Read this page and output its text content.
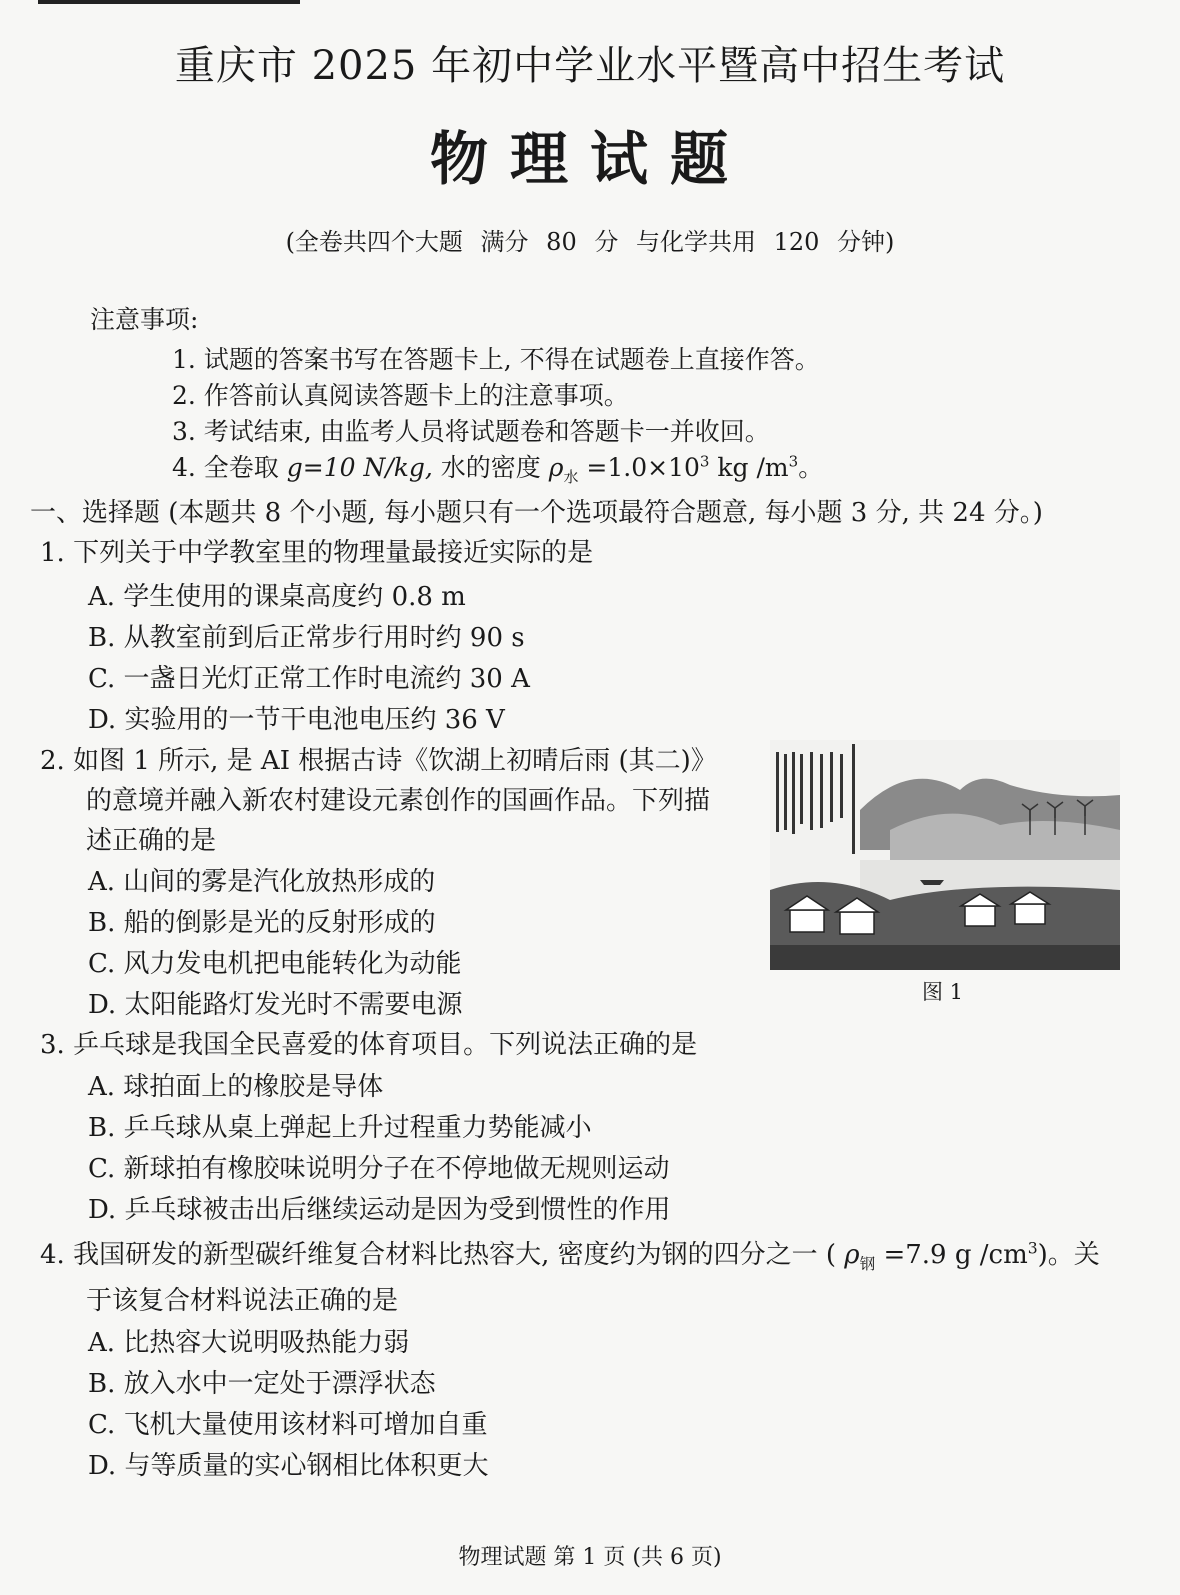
重庆市 2025 年初中学业水平暨高中招生考试
物理试题
(全卷共四个大题 满分 80 分 与化学共用 120 分钟)
注意事项:
1. 试题的答案书写在答题卡上, 不得在试题卷上直接作答。
2. 作答前认真阅读答题卡上的注意事项。
3. 考试结束, 由监考人员将试题卷和答题卡一并收回。
4. 全卷取 g=10 N/kg, 水的密度 $\rho_水 =1.0\times 10^3$ kg $/m^3$。
一、选择题 (本题共 8 个小题, 每小题只有一个选项最符合题意, 每小题 3 分, 共 24 分。)
1. 下列关于中学教室里的物理量最接近实际的是
A. 学生使用的课桌高度约 0.8 m
B. 从教室前到后正常步行用时约 90 s
C. 一盏日光灯正常工作时电流约 30 A
D. 实验用的一节干电池电压约 36 V
2. 如图 1 所示, 是 AI 根据古诗《饮湖上初晴后雨 (其二)》
的意境并融入新农村建设元素创作的国画作品。下列描
述正确的是
A. 山间的雾是汽化放热形成的
B. 船的倒影是光的反射形成的
C. 风力发电机把电能转化为动能
D. 太阳能路灯发光时不需要电源	图 1
3. 乒乓球是我国全民喜爱的体育项目。下列说法正确的是
A. 球拍面上的橡胶是导体
B. 乒乓球从桌上弹起上升过程重力势能减小
C. 新球拍有橡胶味说明分子在不停地做无规则运动
D. 乒乓球被击出后继续运动是因为受到惯性的作用
4. 我国研发的新型碳纤维复合材料比热容大, 密度约为钢的四分之一 ( $\rho_钢 =7.9$ g $/cm^3$)。关
于该复合材料说法正确的是
A. 比热容大说明吸热能力弱
B. 放入水中一定处于漂浮状态
C. 飞机大量使用该材料可增加自重
D. 与等质量的实心钢相比体积更大
物理试题 第 1 页 (共 6 页)
